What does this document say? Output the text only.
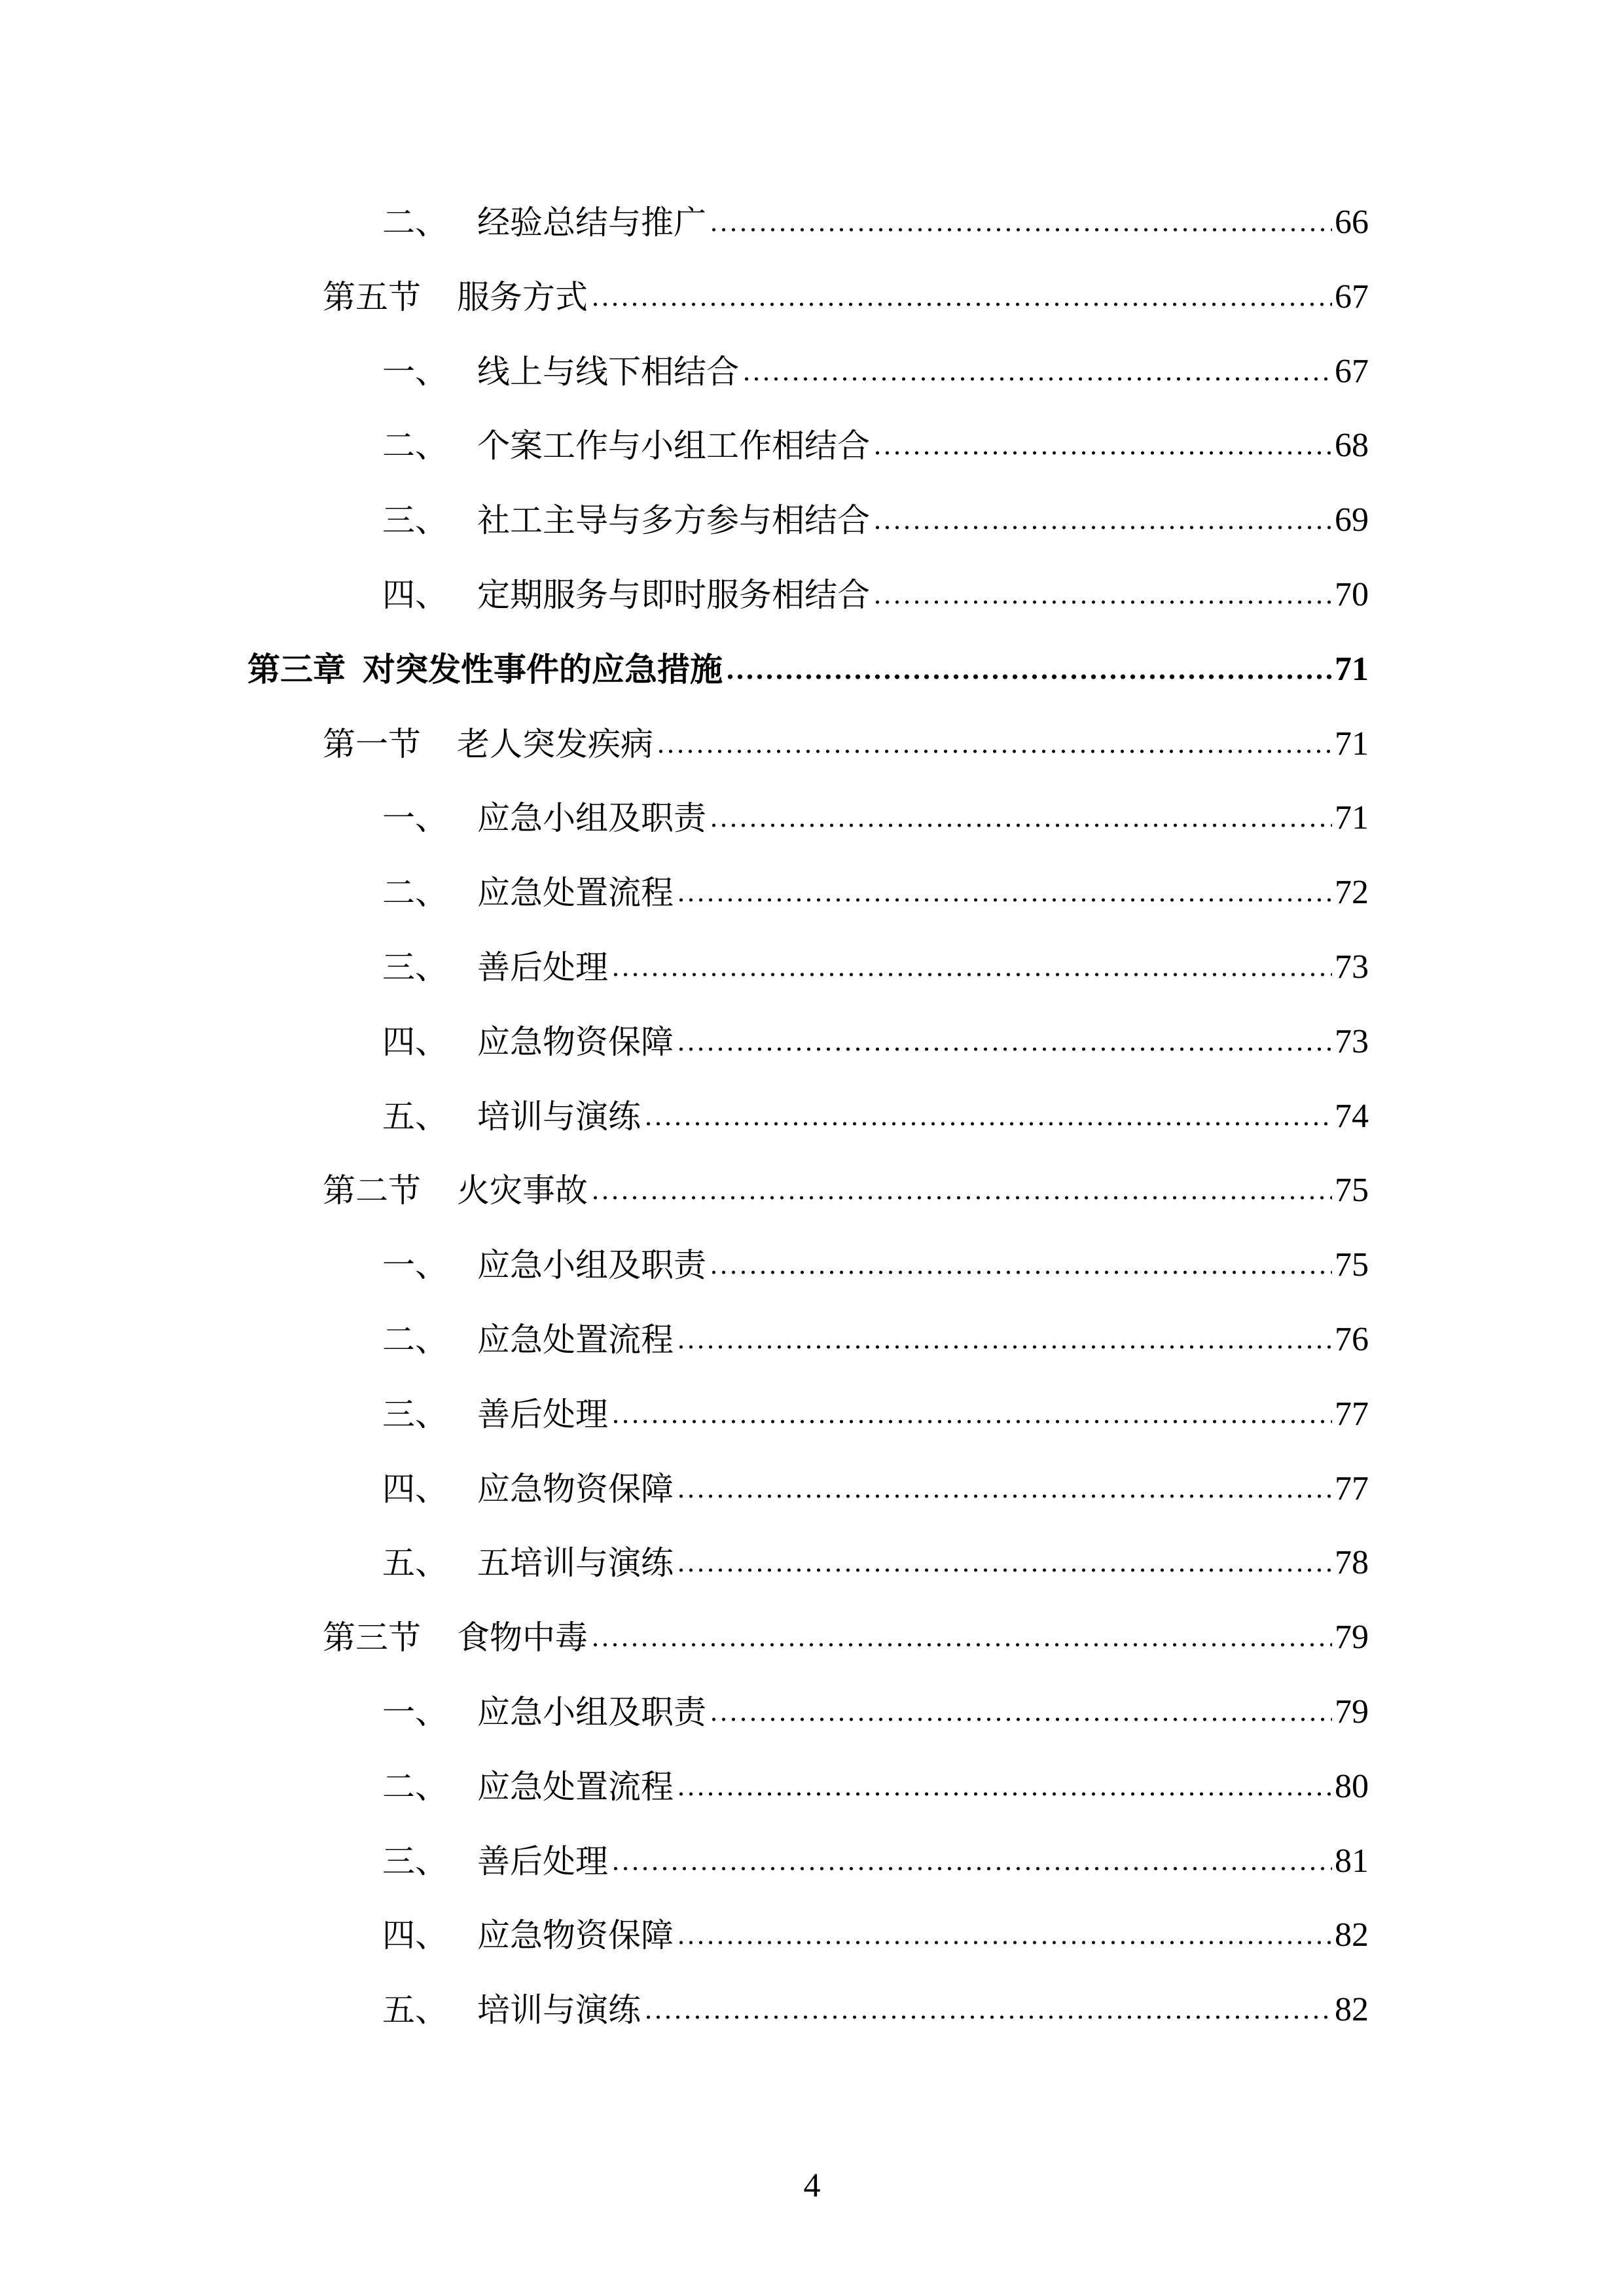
二、 经验总结与推广	66
第五节	服务方式	67
一、 线上与线下相结合	67
二、 个案工作与小组工作相结合	68
三、 社工主导与多方参与相结合	69
四、 定期服务与即时服务相结合	70
第三章 对突发性事件的应急措施	71
第一节	老人突发疾病	71
一、 应急小组及职责	71
二、 应急处置流程	72
三、 善后处理	73
四、 应急物资保障	73
五、 培训与演练	74
第二节	火灾事故	75
一、 应急小组及职责	75
二、 应急处置流程	76
三、 善后处理	77
四、 应急物资保障	77
五、 五培训与演练	78
第三节	食物中毒	79
一、 应急小组及职责	79
二、 应急处置流程	80
三、 善后处理	81
四、 应急物资保障	82
五、 培训与演练	82
4
